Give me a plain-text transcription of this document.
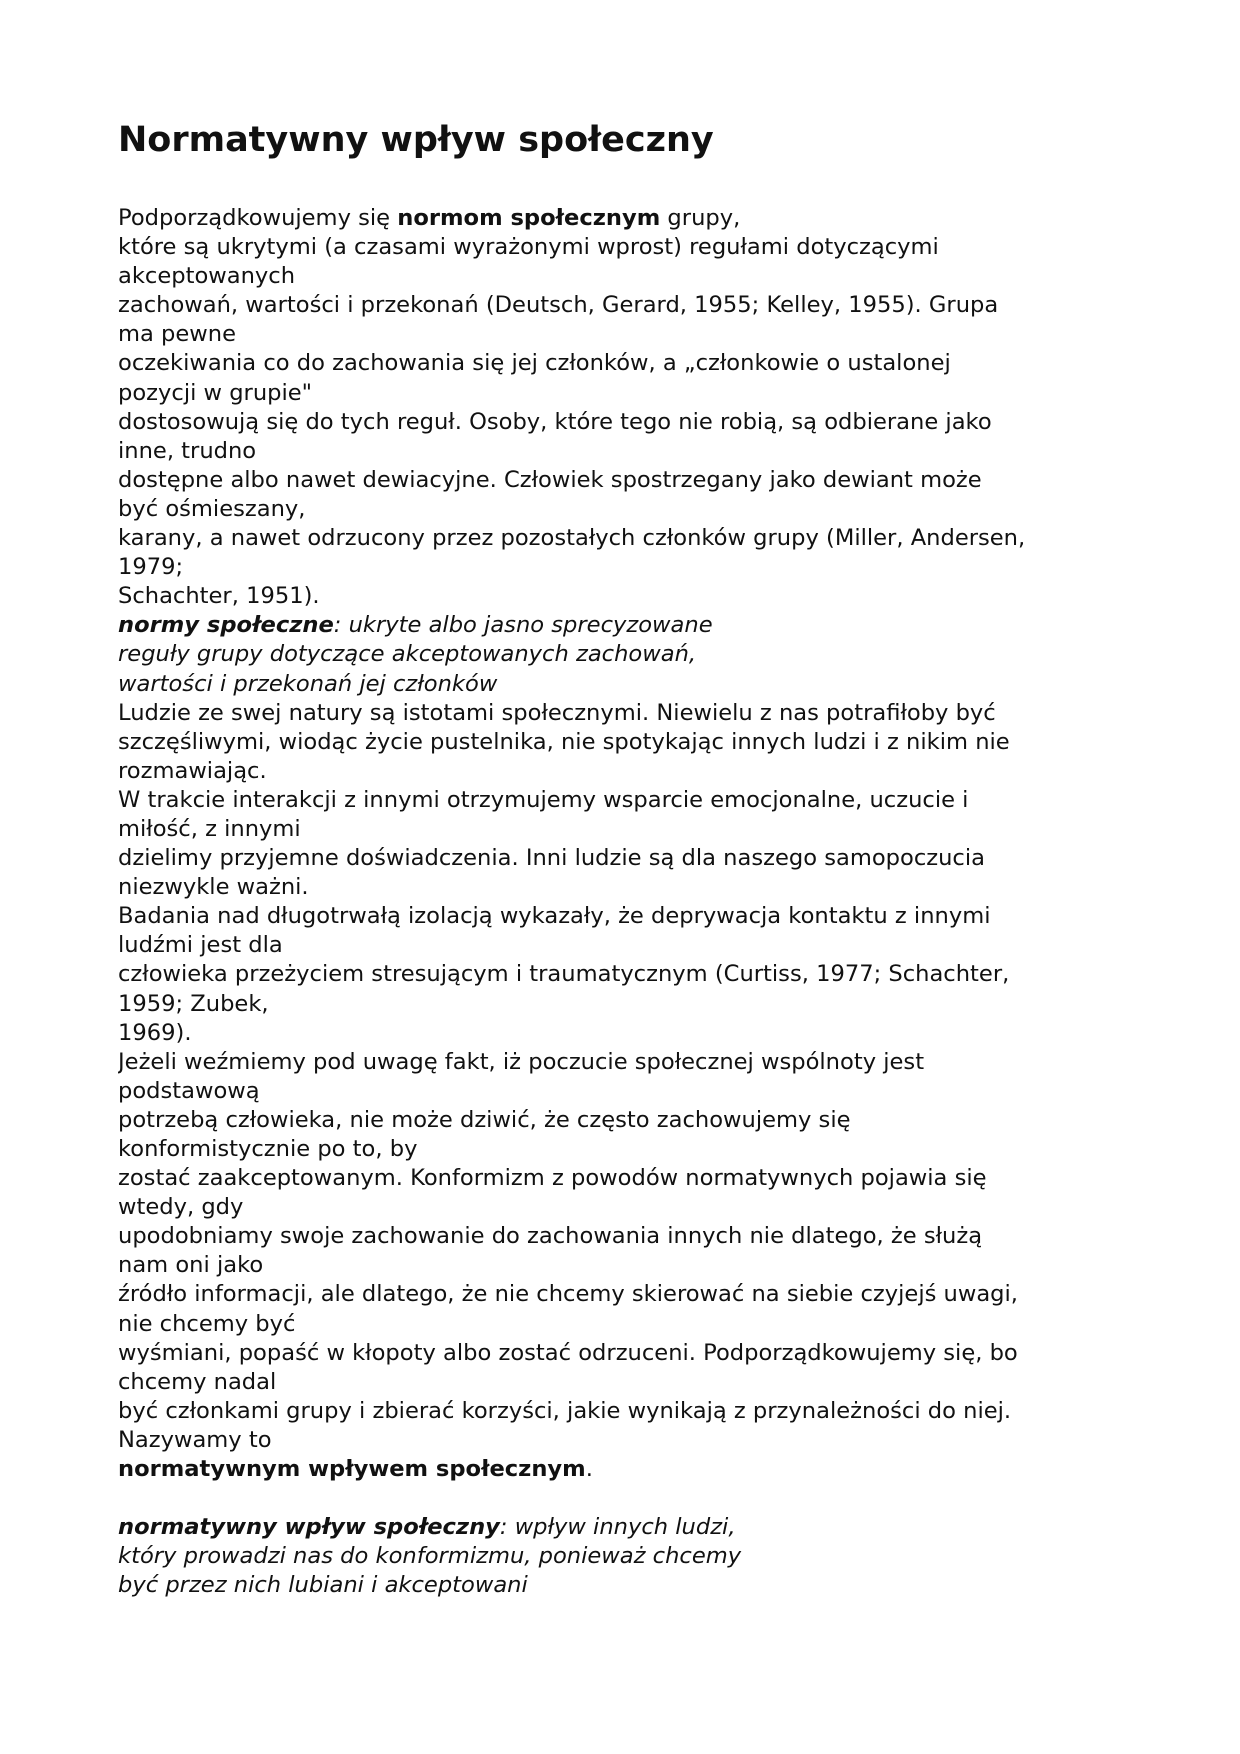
Normatywny wpływ społeczny
Podporządkowujemy się normom społecznym grupy,
które są ukrytymi (a czasami wyrażonymi wprost) regułami dotyczącymi
akceptowanych
zachowań, wartości i przekonań (Deutsch, Gerard, 1955; Kelley, 1955). Grupa
ma pewne
oczekiwania co do zachowania się jej członków, a „członkowie o ustalonej
pozycji w grupie"
dostosowują się do tych reguł. Osoby, które tego nie robią, są odbierane jako
inne, trudno
dostępne albo nawet dewiacyjne. Człowiek spostrzegany jako dewiant może
być ośmieszany,
karany, a nawet odrzucony przez pozostałych członków grupy (Miller, Andersen,
1979;
Schachter, 1951).
normy społeczne: ukryte albo jasno sprecyzowane
reguły grupy dotyczące akceptowanych zachowań,
wartości i przekonań jej członków
Ludzie ze swej natury są istotami społecznymi. Niewielu z nas potrafiłoby być
szczęśliwymi, wiodąc życie pustelnika, nie spotykając innych ludzi i z nikim nie
rozmawiając.
W trakcie interakcji z innymi otrzymujemy wsparcie emocjonalne, uczucie i
miłość, z innymi
dzielimy przyjemne doświadczenia. Inni ludzie są dla naszego samopoczucia
niezwykle ważni.
Badania nad długotrwałą izolacją wykazały, że deprywacja kontaktu z innymi
ludźmi jest dla
człowieka przeżyciem stresującym i traumatycznym (Curtiss, 1977; Schachter,
1959; Zubek,
1969).
Jeżeli weźmiemy pod uwagę fakt, iż poczucie społecznej wspólnoty jest
podstawową
potrzebą człowieka, nie może dziwić, że często zachowujemy się
konformistycznie po to, by
zostać zaakceptowanym. Konformizm z powodów normatywnych pojawia się
wtedy, gdy
upodobniamy swoje zachowanie do zachowania innych nie dlatego, że służą
nam oni jako
źródło informacji, ale dlatego, że nie chcemy skierować na siebie czyjejś uwagi,
nie chcemy być
wyśmiani, popaść w kłopoty albo zostać odrzuceni. Podporządkowujemy się, bo
chcemy nadal
być członkami grupy i zbierać korzyści, jakie wynikają z przynależności do niej.
Nazywamy to
normatywnym wpływem społecznym.
normatywny wpływ społeczny: wpływ innych ludzi,
który prowadzi nas do konformizmu, ponieważ chcemy
być przez nich lubiani i akceptowani
